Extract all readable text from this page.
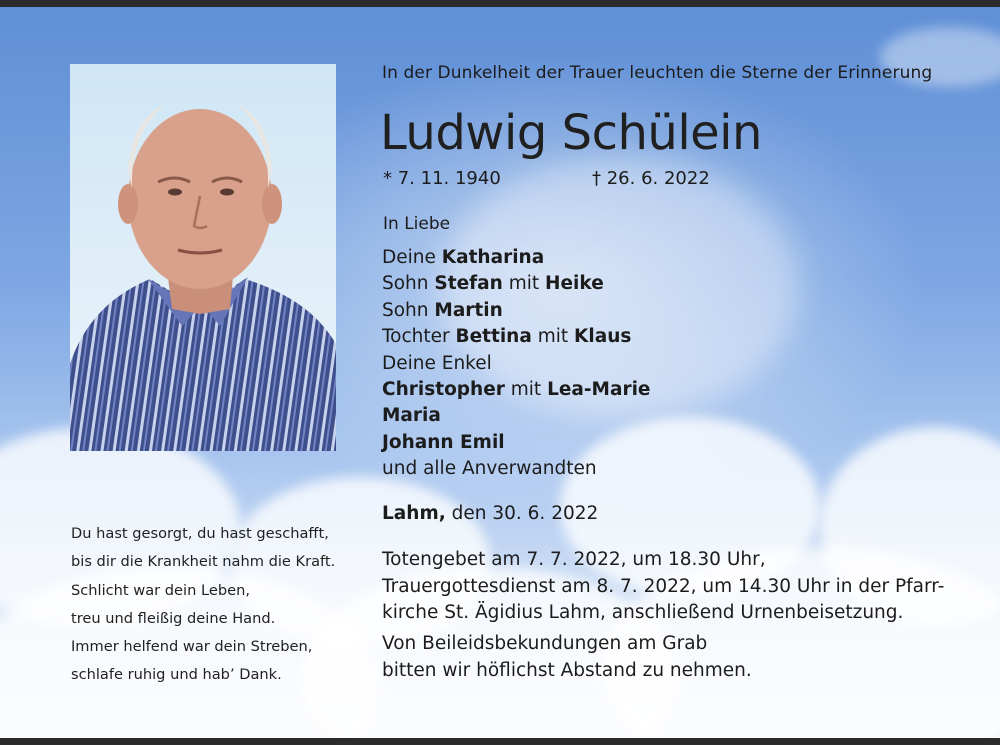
In der Dunkelheit der Trauer leuchten die Sterne der Erinnerung
Ludwig Schülein
* 7. 11. 1940	† 26. 6. 2022
In Liebe
Deine Katharina
Sohn Stefan mit Heike
Sohn Martin
Tochter Bettina mit Klaus
Deine Enkel
Christopher mit Lea-Marie
Maria
Johann Emil
und alle Anverwandten
Lahm, den 30. 6. 2022
Totengebet am 7. 7. 2022, um 18.30 Uhr,
Trauergottesdienst am 8. 7. 2022, um 14.30 Uhr in der Pfarr-
kirche St. Ägidius Lahm, anschließend Urnenbeisetzung.
Von Beileidsbekundungen am Grab
bitten wir höflichst Abstand zu nehmen.
Du hast gesorgt, du hast geschafft,
bis dir die Krankheit nahm die Kraft.
Schlicht war dein Leben,
treu und fleißig deine Hand.
Immer helfend war dein Streben,
schlafe ruhig und hab’ Dank.
